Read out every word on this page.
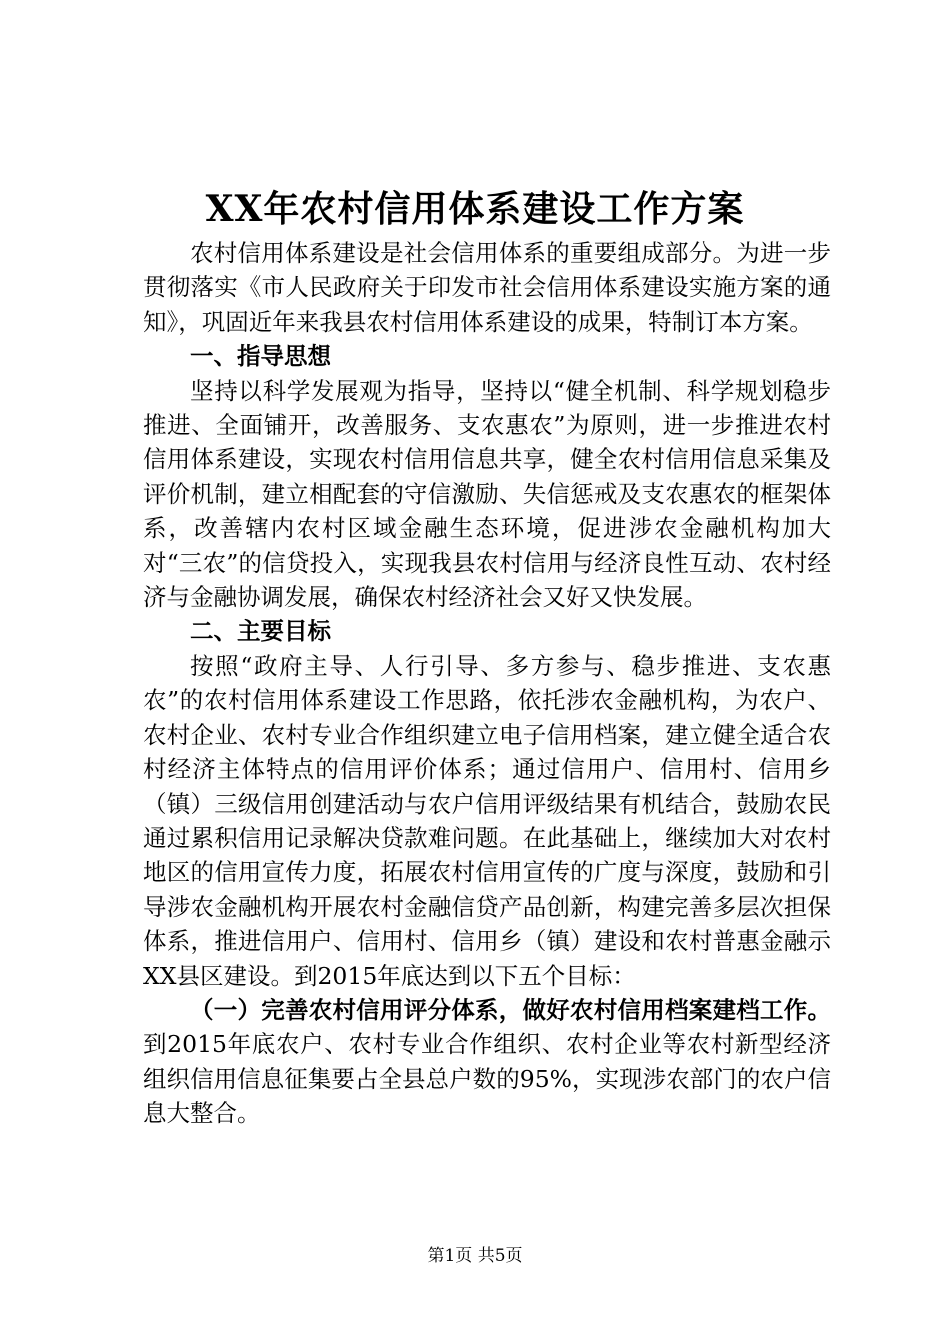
XX年农村信用体系建设工作方案

农村信用体系建设是社会信用体系的重要组成部分。为进一步贯彻落实《市人民政府关于印发市社会信用体系建设实施方案的通知》，巩固近年来我县农村信用体系建设的成果，特制订本方案。

一、指导思想

坚持以科学发展观为指导，坚持以“健全机制、科学规划稳步推进、全面铺开，改善服务、支农惠农”为原则，进一步推进农村信用体系建设，实现农村信用信息共享，健全农村信用信息采集及评价机制，建立相配套的守信激励、失信惩戒及支农惠农的框架体系，改善辖内农村区域金融生态环境，促进涉农金融机构加大对“三农”的信贷投入，实现我县农村信用与经济良性互动、农村经济与金融协调发展，确保农村经济社会又好又快发展。

二、主要目标

按照“政府主导、人行引导、多方参与、稳步推进、支农惠农”的农村信用体系建设工作思路，依托涉农金融机构，为农户、农村企业、农村专业合作组织建立电子信用档案，建立健全适合农村经济主体特点的信用评价体系；通过信用户、信用村、信用乡（镇）三级信用创建活动与农户信用评级结果有机结合，鼓励农民通过累积信用记录解决贷款难问题。在此基础上，继续加大对农村地区的信用宣传力度，拓展农村信用宣传的广度与深度，鼓励和引导涉农金融机构开展农村金融信贷产品创新，构建完善多层次担保体系，推进信用户、信用村、信用乡（镇）建设和农村普惠金融示XX县区建设。到2015年底达到以下五个目标：

（一）完善农村信用评分体系，做好农村信用档案建档工作。到2015年底农户、农村专业合作组织、农村企业等农村新型经济组织信用信息征集要占全县总户数的95%，实现涉农部门的农户信息大整合。

第1页 共5页
